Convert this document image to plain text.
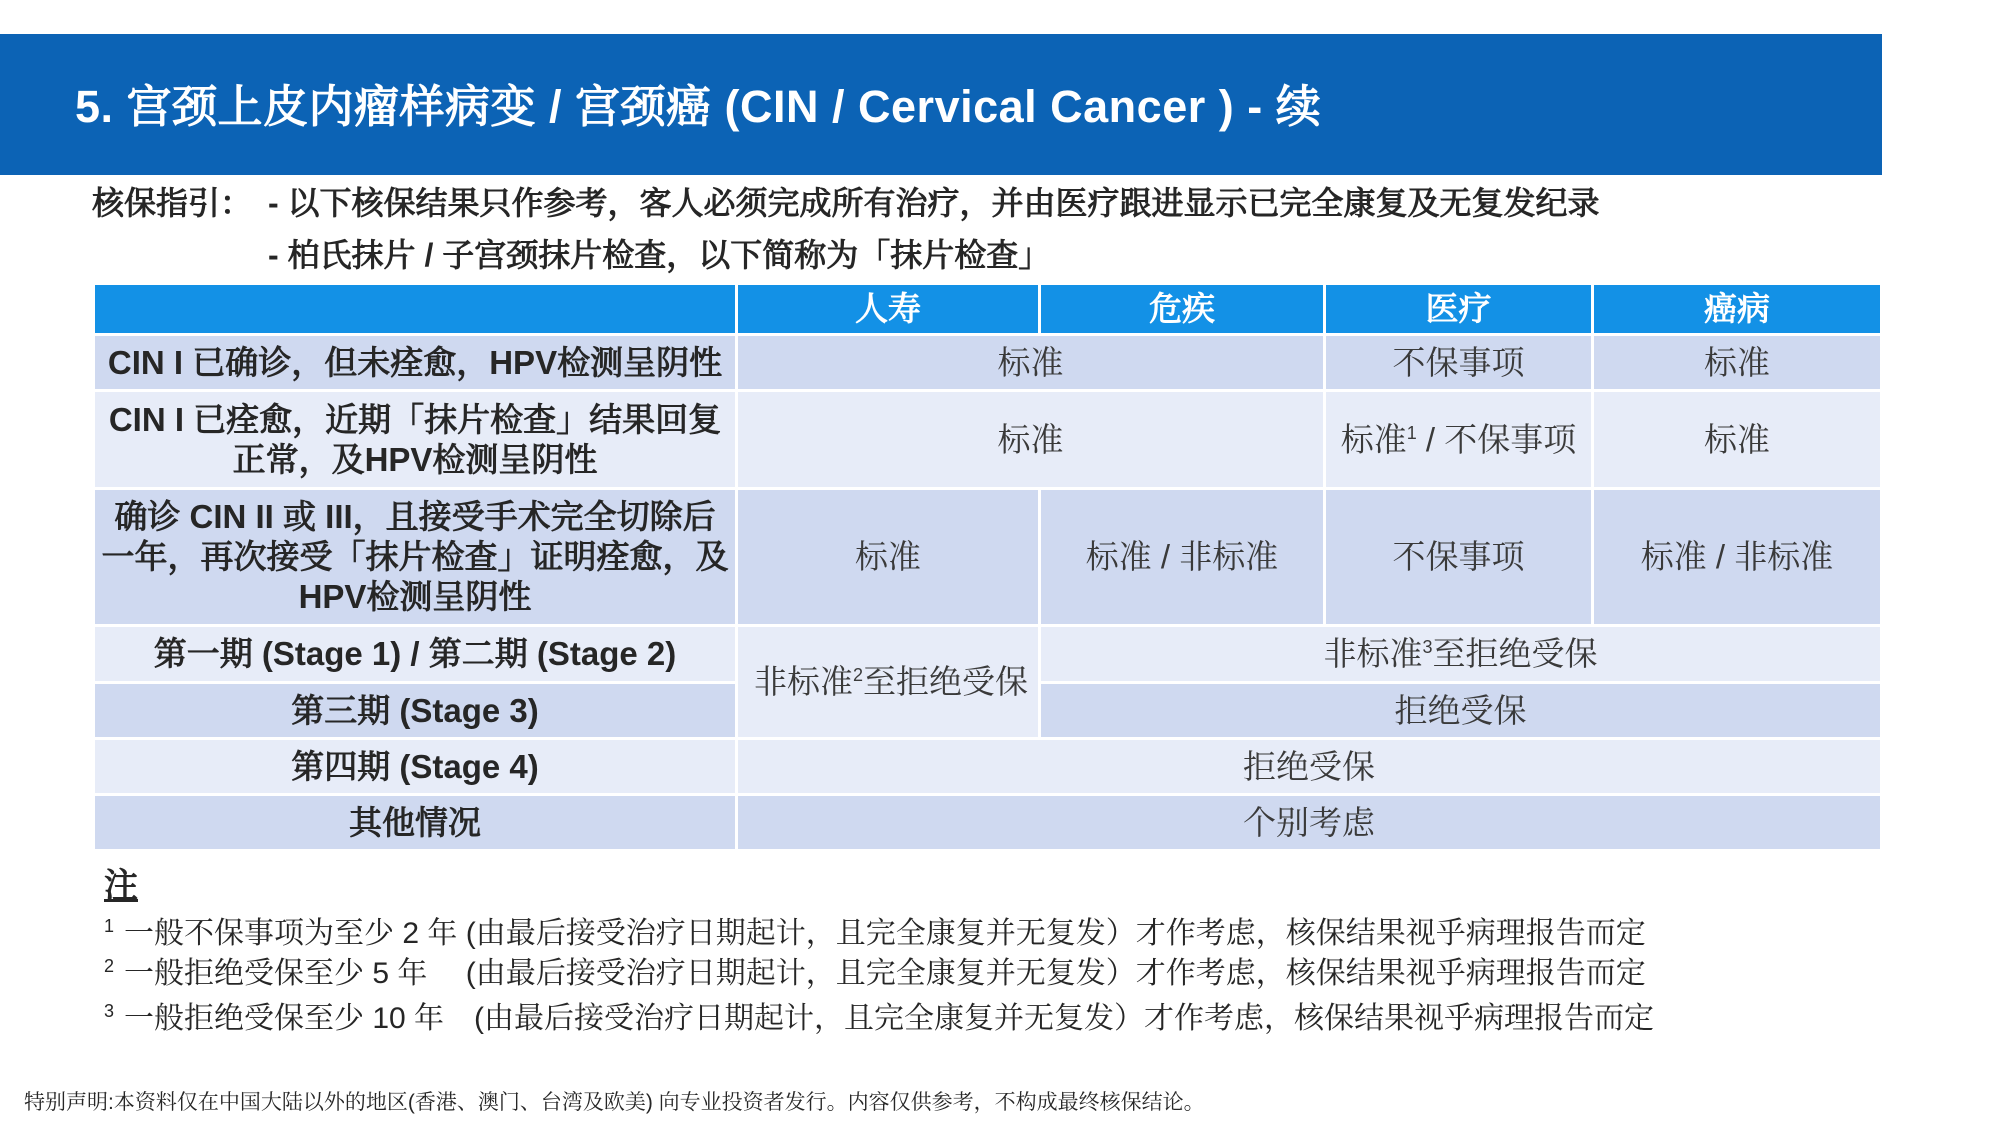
5. 宫颈上皮内瘤样病变 / 宫颈癌 (CIN / Cervical Cancer ) - 续
核保指引： - 以下核保结果只作参考，客人必须完成所有治疗，并由医疗跟进显示已完全康复及无复发纪录
- 柏氏抹片 / 子宫颈抹片检查，以下简称为「抹片检查」
	人寿	危疾	医疗	癌病
CIN I 已确诊，但未痊愈，HPV检测呈阴性	标准		不保事项	标准
CIN I 已痊愈，近期「抹片检查」结果回复正常，及HPV检测呈阴性	标准		标准$^1$ / 不保事项	标准
确诊 CIN II 或 III，且接受手术完全切除后一年，再次接受「抹片检查」证明痊愈，及HPV检测呈阴性	标准	标准 / 非标准	不保事项	标准 / 非标准
第一期 (Stage 1) / 第二期 (Stage 2)	非标准$^2$至拒绝受保	非标准$^3$至拒绝受保		
第三期 (Stage 3)		拒绝受保		
第四期 (Stage 4)	拒绝受保			
其他情况	个别考虑			
注
$^1$ 一般不保事项为至少 2 年 (由最后接受治疗日期起计，且完全康复并无复发）才作考虑，核保结果视乎病理报告而定
$^2$ 一般拒绝受保至少 5 年　 (由最后接受治疗日期起计，且完全康复并无复发）才作考虑，核保结果视乎病理报告而定
$^3$ 一般拒绝受保至少 10 年　(由最后接受治疗日期起计，且完全康复并无复发）才作考虑，核保结果视乎病理报告而定
特别声明:本资料仅在中国大陆以外的地区(香港、澳门、台湾及欧美) 向专业投资者发行。内容仅供参考，不构成最终核保结论。
